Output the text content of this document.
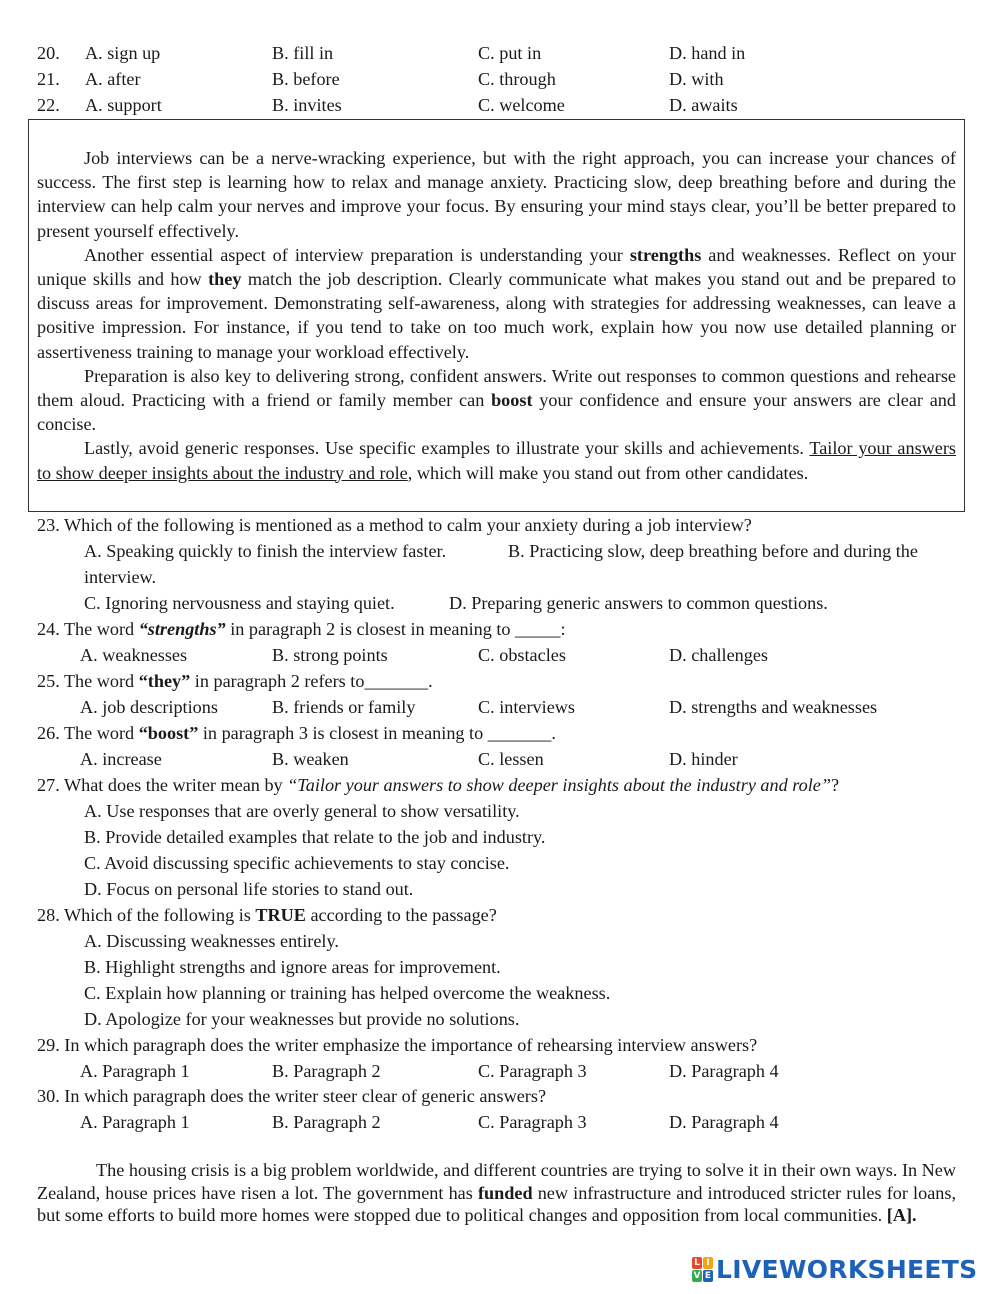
20. A. sign up	B. fill in	C. put in	D. hand in
21. A. after	B. before	C. through	D. with
22. A. support	B. invites	C. welcome	D. awaits

Job interviews can be a nerve-wracking experience, but with the right approach, you can increase your chances of success. The first step is learning how to relax and manage anxiety. Practicing slow, deep breathing before and during the interview can help calm your nerves and improve your focus. By ensuring your mind stays clear, you’ll be better prepared to present yourself effectively.

Another essential aspect of interview preparation is understanding your strengths and weaknesses. Reflect on your unique skills and how they match the job description. Clearly communicate what makes you stand out and be prepared to discuss areas for improvement. Demonstrating self-awareness, along with strategies for addressing weaknesses, can leave a positive impression. For instance, if you tend to take on too much work, explain how you now use detailed planning or assertiveness training to manage your workload effectively.

Preparation is also key to delivering strong, confident answers. Write out responses to common questions and rehearse them aloud. Practicing with a friend or family member can boost your confidence and ensure your answers are clear and concise.

Lastly, avoid generic responses. Use specific examples to illustrate your skills and achievements. Tailor your answers to show deeper insights about the industry and role, which will make you stand out from other candidates.

23. Which of the following is mentioned as a method to calm your anxiety during a job interview?
A. Speaking quickly to finish the interview faster.	B. Practicing slow, deep breathing before and during the
interview.
C. Ignoring nervousness and staying quiet.	D. Preparing generic answers to common questions.
24. The word “strengths” in paragraph 2 is closest in meaning to _____:
A. weaknesses	B. strong points	C. obstacles	D. challenges
25. The word “they” in paragraph 2 refers to_______.
A. job descriptions	B. friends or family	C. interviews	D. strengths and weaknesses
26. The word “boost” in paragraph 3 is closest in meaning to _______.
A. increase	B. weaken	C. lessen	D. hinder
27. What does the writer mean by “Tailor your answers to show deeper insights about the industry and role”?
A. Use responses that are overly general to show versatility.
B. Provide detailed examples that relate to the job and industry.
C. Avoid discussing specific achievements to stay concise.
D. Focus on personal life stories to stand out.
28. Which of the following is TRUE according to the passage?
A. Discussing weaknesses entirely.
B. Highlight strengths and ignore areas for improvement.
C. Explain how planning or training has helped overcome the weakness.
D. Apologize for your weaknesses but provide no solutions.
29. In which paragraph does the writer emphasize the importance of rehearsing interview answers?
A. Paragraph 1	B. Paragraph 2	C. Paragraph 3	D. Paragraph 4
30. In which paragraph does the writer steer clear of generic answers?
A. Paragraph 1	B. Paragraph 2	C. Paragraph 3	D. Paragraph 4

The housing crisis is a big problem worldwide, and different countries are trying to solve it in their own ways. In New Zealand, house prices have risen a lot. The government has funded new infrastructure and introduced stricter rules for loans, but some efforts to build more homes were stopped due to political changes and opposition from local communities. [A].

L I
V E LIVEWORKSHEETS
